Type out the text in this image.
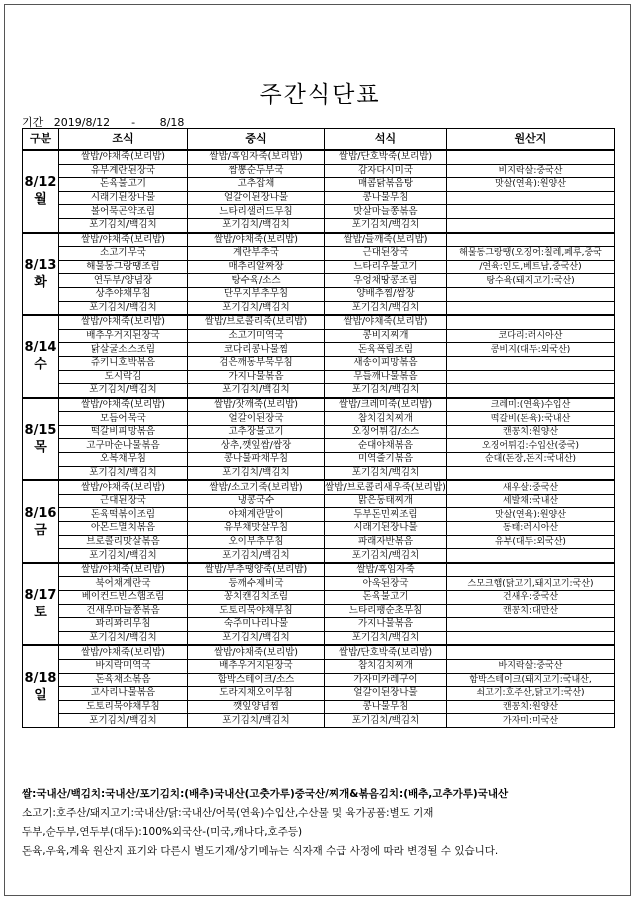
주간식단표
기간 2019/8/12 - 8/18
구분	조식	중식	석식	원산지

8/12
월	쌀밥/야채죽(보리밥)	쌀밥/흑임자죽(보리밥)	쌀밥/단호박죽(보리밥)	
	유부계란된장국	짬뽕순두부국	감자다시미국	비지락살:중국산
	돈육불고기	고추잡채	매콤닭볶음탕	맛살(연육):원양산
	시래기된장나물	얼갈이된장나물	콩나물무침	
	볼어묵곤약조림	느타리샐러드무침	맛살마늘쫑볶음	
	포기김치/백김치	포기김치/백김치	포기김치/백김치	

8/13
화	쌀밥/야채죽(보리밥)	쌀밥/야채죽(보리밥)	쌀밥/들깨죽(보리밥)	
	소고기무국	계란부추국	근대된장국	해물동그랑땡(오징어:칠레,페루,중국
	해물동그랑땡조림	매추리알짜장	느타리우불고기	/연육:인도,베트남,중국산)
	연두부/양념장	탕수육/소스	우엉채땅콩조림	탕수육(돼지고기:국산)
	상추야채무침	단무지부추무침	양배추찜/쌈장	
	포기김치/백김치	포기김치/백김치	포기김치/백김치	

8/14
수	쌀밥/야채죽(보리밥)	쌀밥/브로콜리죽(보리밥)	쌀밥/야채죽(보리밥)	
	배추우거지된장국	소고기미역국	콩비지찌개	코다리:러시아산
	닭살굴소스조림	코다리콩나물찜	돈육폭립조림	콩비지(대두:외국산)
	쥬키니호박볶음	검은깨동부묵무침	새송이피망볶음	
	도시락김	가지나물볶음	무들깨나물볶음	
	포기김치/백김치	포기김치/백김치	포기김치/백김치	

8/15
목	쌀밥/야채죽(보리밥)	쌀밥/잣깨죽(보리밥)	쌀밥/크레미죽(보리밥)	크레미:(연육)수입산
	모듬어묵국	얼갈이된장국	참치김치찌개	떡갈비(돈육):국내산
	떡갈비피망볶음	고추장불고기	오징어튀김/소스	캔꽁치:원양산
	고구마순나물볶음	상추,깻잎쌈/쌈장	순대야채볶음	오징어튀김:수입산(중국)
	오복채무침	콩나물파채무침	미역줄기볶음	순대(돈장,돈지:국내산)
	포기김치/백김치	포기김치/백김치	포기김치/백김치	

8/16
금	쌀밥/야채죽(보리밥)	쌀밥/소고기죽(보리밥)	쌀밥/브로콜리새우죽(보리밥)	새우살:중국산
	근대된장국	냉콩국수	맑은동태찌개	세발채:국내산
	돈육떡볶이조림	야채계란말이	두부돈민찌조림	맛살(연육):원양산
	아몬드멸치볶음	유부채맛살무침	시래기된장나물	동태:러시아산
	브로콜리맛살볶음	오이부추무침	파래자반볶음	유부(대두:외국산)
	포기김치/백김치	포기김치/백김치	포기김치/백김치	

8/17
토	쌀밥/야채죽(보리밥)	쌀밥/부추땡양죽(보리밥)	쌀밥/흑임자죽	
	북어채계란국	등깨수제비국	아욱된장국	스모크햄(닭고기,돼지고기:국산)
	베이컨드빈스햄조림	꽁치캔김치조림	돈육불고기	건새우:중국산
	건새우마늘쫑볶음	도토리묵야채무침	느타리팽순초무침	캔꽁치:대만산
	꽈리꽈리무침	숙주미나리나물	가지나물볶음	
	포기김치/백김치	포기김치/백김치	포기김치/백김치	

8/18
일	쌀밥/야채죽(보리밥)	쌀밥/야채죽(보리밥)	쌀밥/단호박죽(보리밥)	
	바지락미역국	배추우거지된장국	참치김치찌개	바지락살:중국산
	돈육채소볶음	함박스테이크/소스	가자미카레구이	함박스테이크(돼지고기:국내산,
	고사리나물볶음	도라지채오이무침	얼갈이된장나물	쇠고기:호주산,닭고기:국산)
	도토리묵야채무침	깻잎양념찜	콩나물무침	캔꽁치:원양산
	포기김치/백김치	포기김치/백김치	포기김치/백김치	가자미:미국산
쌀:국내산/백김치:국내산/포기김치:(배추)국내산(고춧가루)중국산/찌개&볶음김치:(배추,고추가루)국내산
소고기:호주산/돼지고기:국내산/닭:국내산/어묵(연육)수입산,수산물 및 육가공품:별도 기재
두부,순두부,연두부(대두):100%외국산-(미국,캐나다,호주등)
돈육,우육,계육 원산지 표기와 다른시 별도기재/상기메뉴는 식자재 수급 사정에 따라 변경될 수 있습니다.
